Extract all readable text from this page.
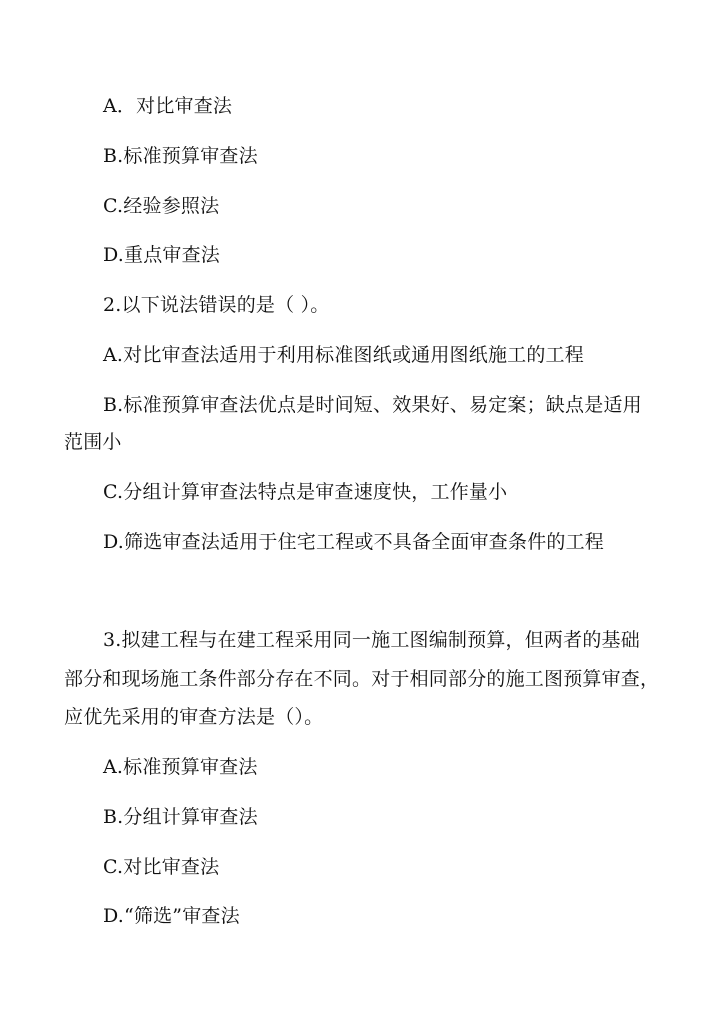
A．对比审查法
B.标准预算审查法
C.经验参照法
D.重点审查法
2.以下说法错误的是（ ）。
A.对比审查法适用于利用标准图纸或通用图纸施工的工程
B.标准预算审查法优点是时间短、效果好、易定案；缺点是适用
范围小
C.分组计算审查法特点是审查速度快，工作量小
D.筛选审查法适用于住宅工程或不具备全面审查条件的工程
3.拟建工程与在建工程采用同一施工图编制预算，但两者的基础
部分和现场施工条件部分存在不同。对于相同部分的施工图预算审查，
应优先采用的审查方法是（）。
A.标准预算审查法
B.分组计算审查法
C.对比审查法
D.“筛选”审查法
